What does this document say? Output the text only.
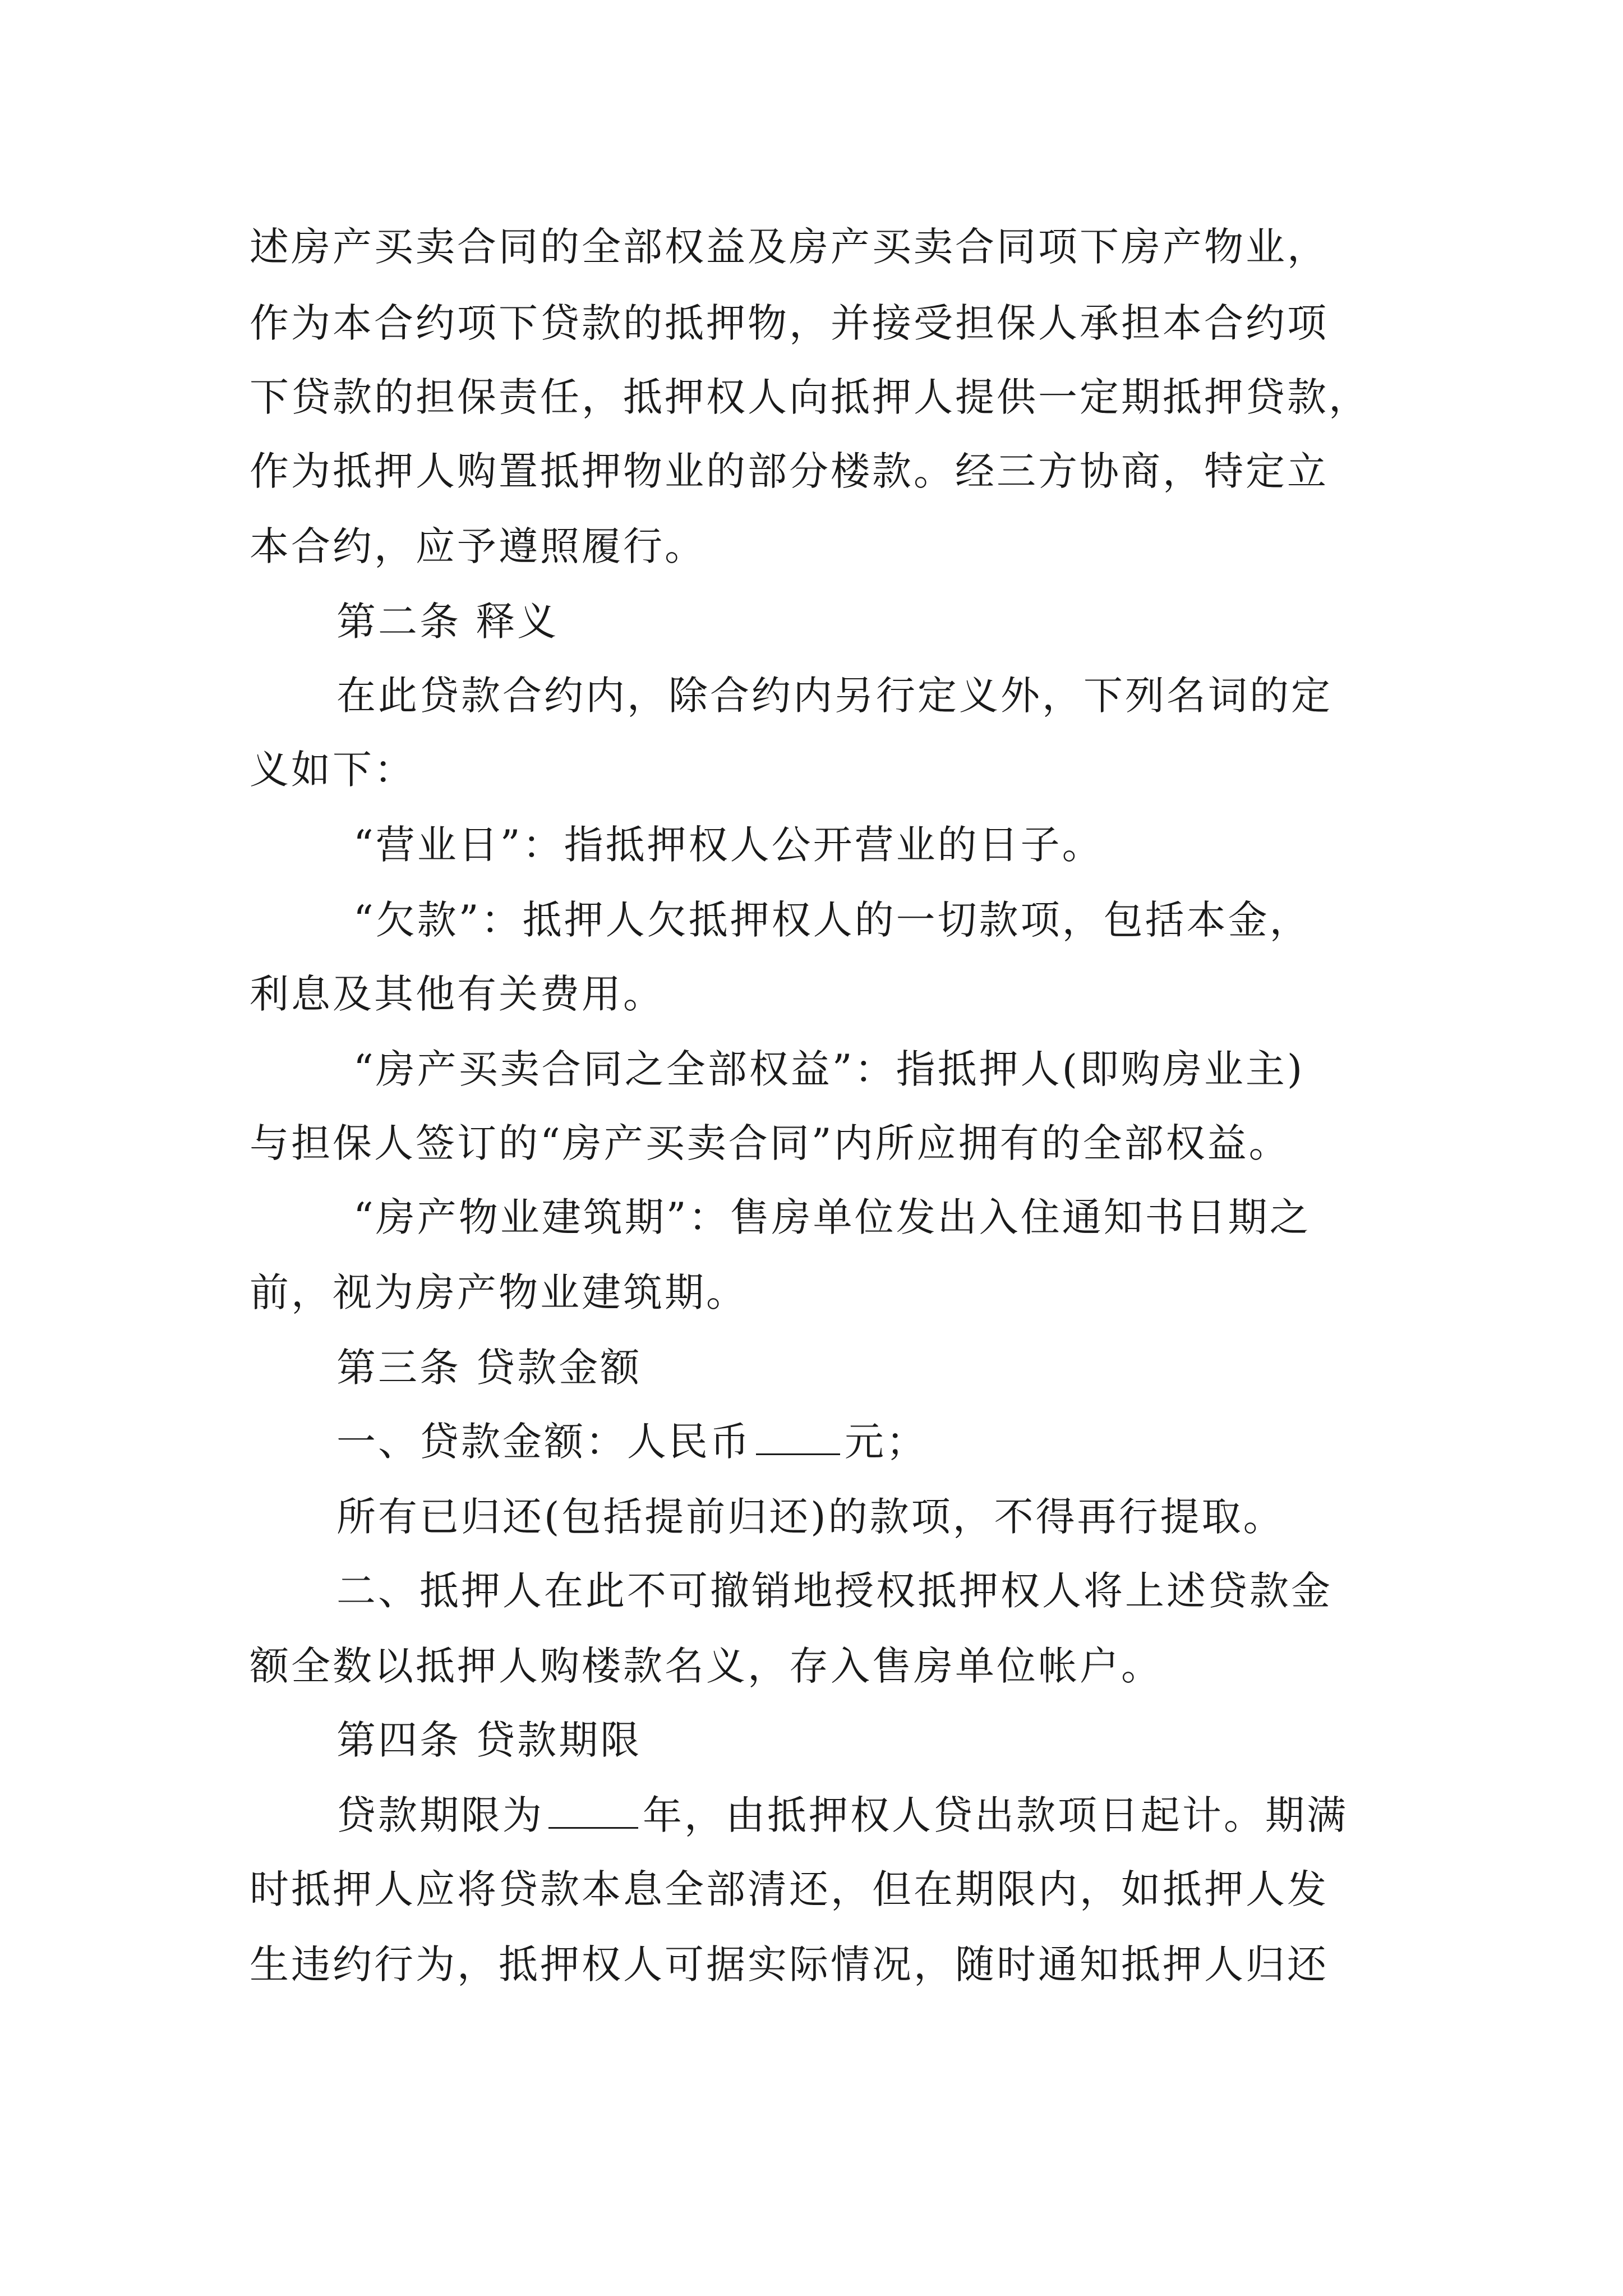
述房产买卖合同的全部权益及房产买卖合同项下房产物业，
作为本合约项下贷款的抵押物，并接受担保人承担本合约项
下贷款的担保责任，抵押权人向抵押人提供一定期抵押贷款，
作为抵押人购置抵押物业的部分楼款。经三方协商，特定立
本合约，应予遵照履行。
第二条 释义
在此贷款合约内，除合约内另行定义外，下列名词的定
义如下：
“营业日”：指抵押权人公开营业的日子。
“欠款”：抵押人欠抵押权人的一切款项，包括本金，
利息及其他有关费用。
“房产买卖合同之全部权益”：指抵押人(即购房业主)
与担保人签订的“房产买卖合同”内所应拥有的全部权益。
“房产物业建筑期”：售房单位发出入住通知书日期之
前，视为房产物业建筑期。
第三条 贷款金额
一、贷款金额：人民币 元；
所有已归还(包括提前归还)的款项，不得再行提取。
二、抵押人在此不可撤销地授权抵押权人将上述贷款金
额全数以抵押人购楼款名义，存入售房单位帐户。
第四条 贷款期限
贷款期限为	年，由抵押权人贷出款项日起计。期满
时抵押人应将贷款本息全部清还，但在期限内，如抵押人发
生违约行为，抵押权人可据实际情况，随时通知抵押人归还
